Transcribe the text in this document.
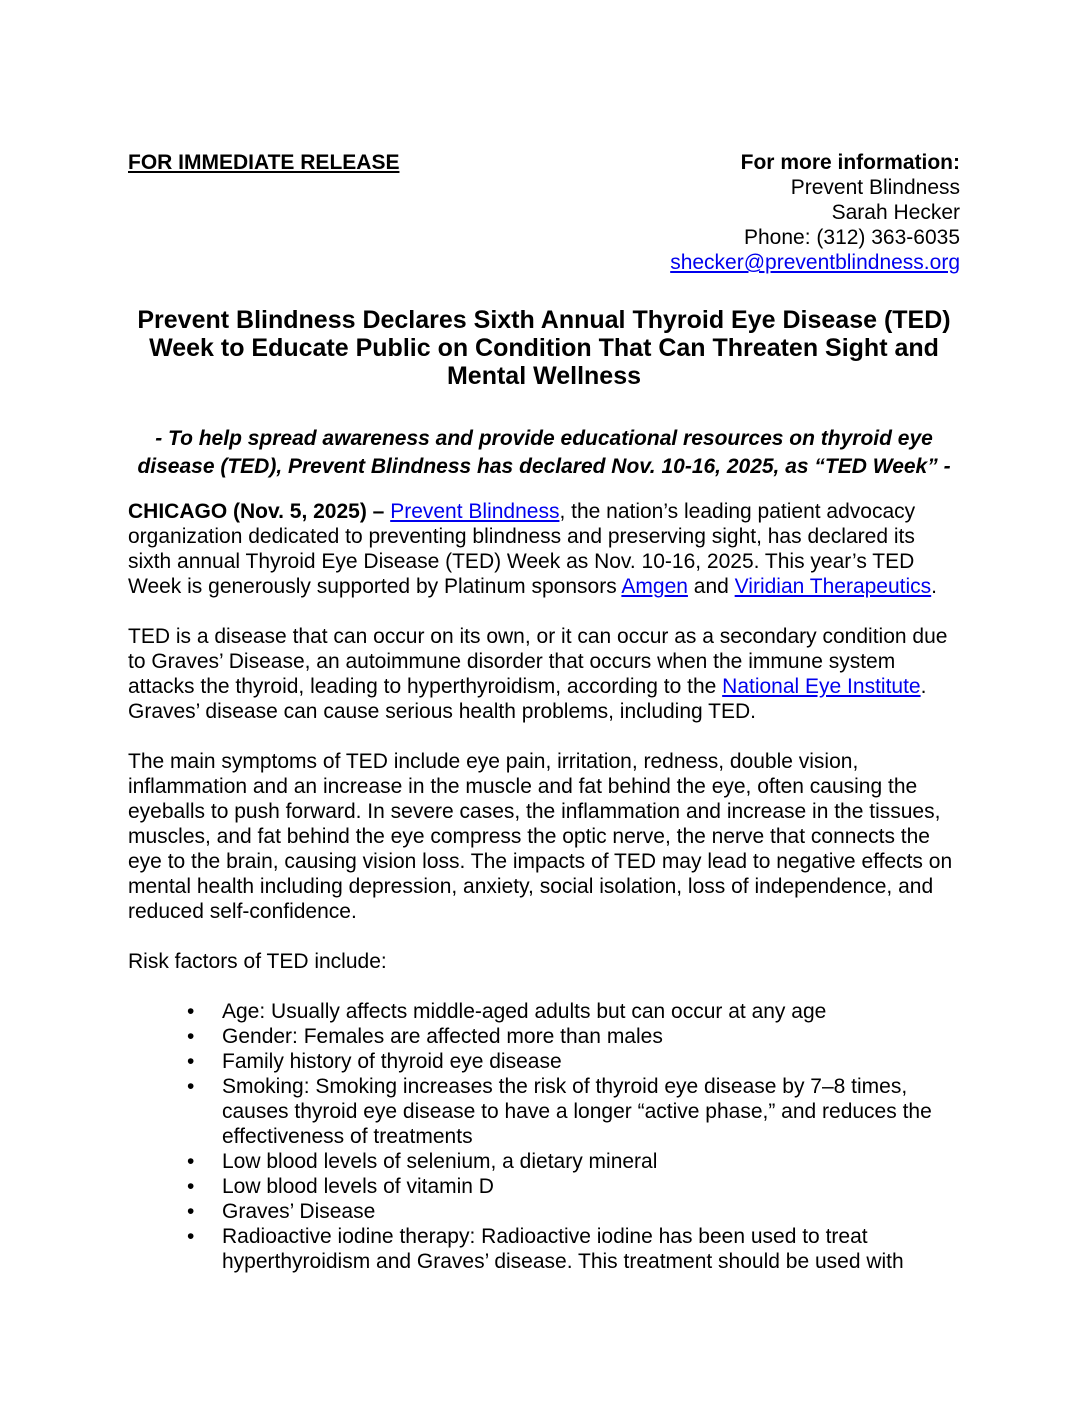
FOR IMMEDIATE RELEASE	For more information:
Prevent Blindness
Sarah Hecker
Phone: (312) 363-6035
shecker@preventblindness.org
Prevent Blindness Declares Sixth Annual Thyroid Eye Disease (TED) Week to Educate Public on Condition That Can Threaten Sight and Mental Wellness

- To help spread awareness and provide educational resources on thyroid eye disease (TED), Prevent Blindness has declared Nov. 10-16, 2025, as “TED Week” -

CHICAGO (Nov. 5, 2025) – Prevent Blindness, the nation’s leading patient advocacy organization dedicated to preventing blindness and preserving sight, has declared its sixth annual Thyroid Eye Disease (TED) Week as Nov. 10-16, 2025. This year’s TED Week is generously supported by Platinum sponsors Amgen and Viridian Therapeutics.

TED is a disease that can occur on its own, or it can occur as a secondary condition due to Graves’ Disease, an autoimmune disorder that occurs when the immune system attacks the thyroid, leading to hyperthyroidism, according to the National Eye Institute. Graves’ disease can cause serious health problems, including TED.

The main symptoms of TED include eye pain, irritation, redness, double vision, inflammation and an increase in the muscle and fat behind the eye, often causing the eyeballs to push forward. In severe cases, the inflammation and increase in the tissues, muscles, and fat behind the eye compress the optic nerve, the nerve that connects the eye to the brain, causing vision loss. The impacts of TED may lead to negative effects on mental health including depression, anxiety, social isolation, loss of independence, and reduced self-confidence.

Risk factors of TED include:

• Age: Usually affects middle-aged adults but can occur at any age
• Gender: Females are affected more than males
• Family history of thyroid eye disease
• Smoking: Smoking increases the risk of thyroid eye disease by 7–8 times, causes thyroid eye disease to have a longer “active phase,” and reduces the effectiveness of treatments
• Low blood levels of selenium, a dietary mineral
• Low blood levels of vitamin D
• Graves’ Disease
• Radioactive iodine therapy: Radioactive iodine has been used to treat hyperthyroidism and Graves’ disease. This treatment should be used with
